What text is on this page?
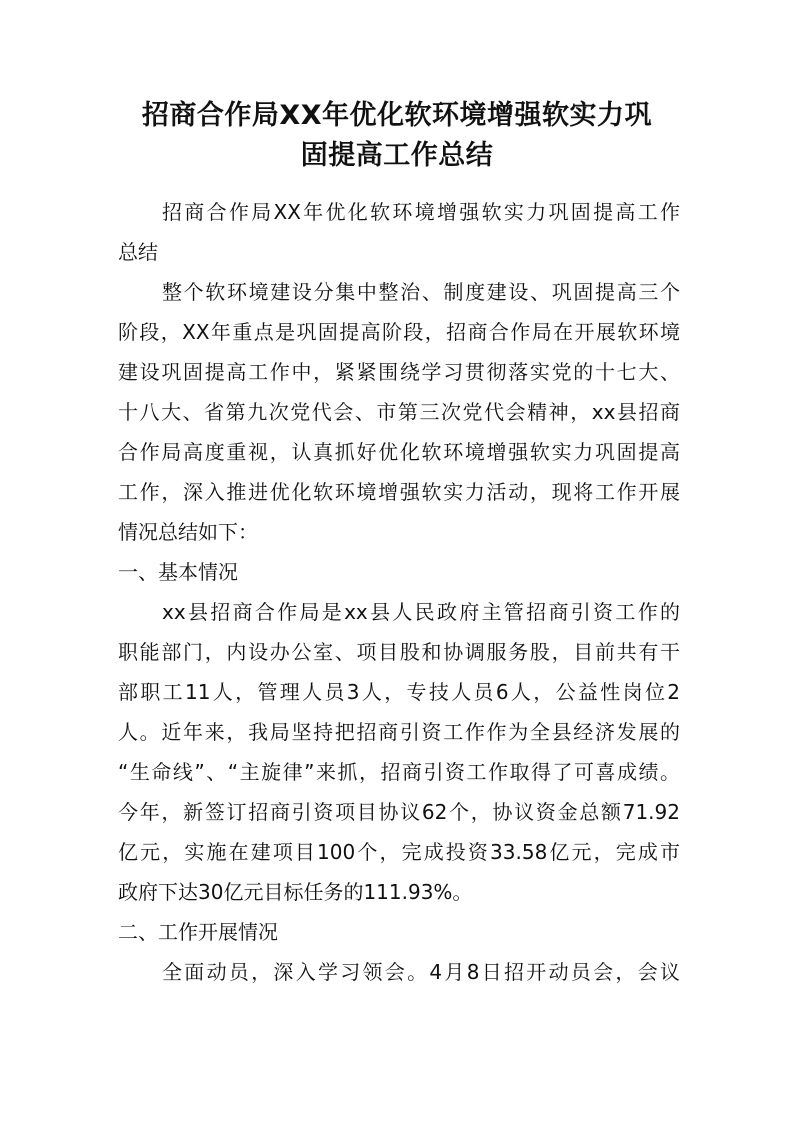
招商合作局XX年优化软环境增强软实力巩
固提高工作总结
招商合作局XX年优化软环境增强软实力巩固提高工作
总结
整个软环境建设分集中整治、制度建设、巩固提高三个
阶段，XX年重点是巩固提高阶段，招商合作局在开展软环境
建设巩固提高工作中，紧紧围绕学习贯彻落实党的十七大、
十八大、省第九次党代会、市第三次党代会精神，xx县招商
合作局高度重视，认真抓好优化软环境增强软实力巩固提高
工作，深入推进优化软环境增强软实力活动，现将工作开展
情况总结如下：
一、基本情况
xx县招商合作局是xx县人民政府主管招商引资工作的
职能部门，内设办公室、项目股和协调服务股，目前共有干
部职工11人，管理人员3人，专技人员6人，公益性岗位2
人。近年来，我局坚持把招商引资工作作为全县经济发展的
“生命线”、“主旋律”来抓，招商引资工作取得了可喜成绩。
今年，新签订招商引资项目协议62个，协议资金总额71.92
亿元，实施在建项目100个，完成投资33.58亿元，完成市
政府下达30亿元目标任务的111.93%。
二、工作开展情况
全面动员，深入学习领会。4月8日招开动员会，会议
